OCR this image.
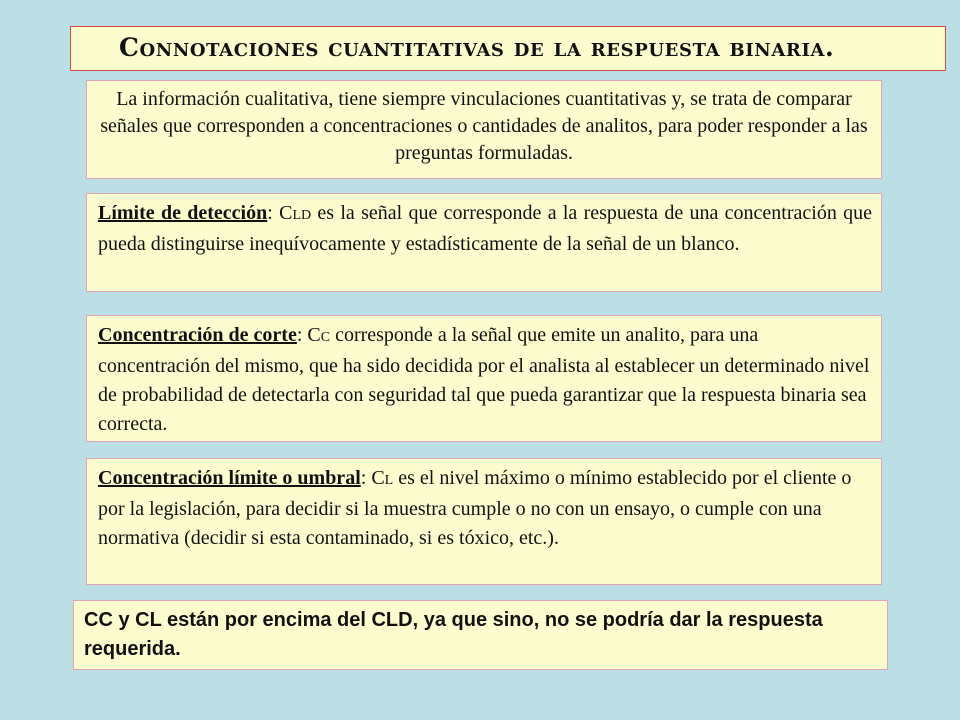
Connotaciones cuantitativas de la respuesta binaria.
La información cualitativa, tiene siempre vinculaciones cuantitativas y, se trata de comparar señales que corresponden a concentraciones o cantidades de analitos, para poder responder a las preguntas formuladas.
Límite de detección: CLD es la señal que corresponde a la respuesta de una concentración que pueda distinguirse inequívocamente y estadísticamente de la señal de un blanco.
Concentración de corte: CC corresponde a la señal que emite un analito, para una concentración del mismo, que ha sido decidida por el analista al establecer un determinado nivel de probabilidad de detectarla con seguridad tal que pueda garantizar que la respuesta binaria sea correcta.
Concentración límite o umbral: CL es el nivel máximo o mínimo establecido por el cliente o por la legislación, para decidir si la muestra cumple o no con un ensayo, o cumple con una normativa (decidir si esta contaminado, si es tóxico, etc.).
CC y CL están por encima del CLD, ya que sino, no se podría dar la respuesta requerida.
